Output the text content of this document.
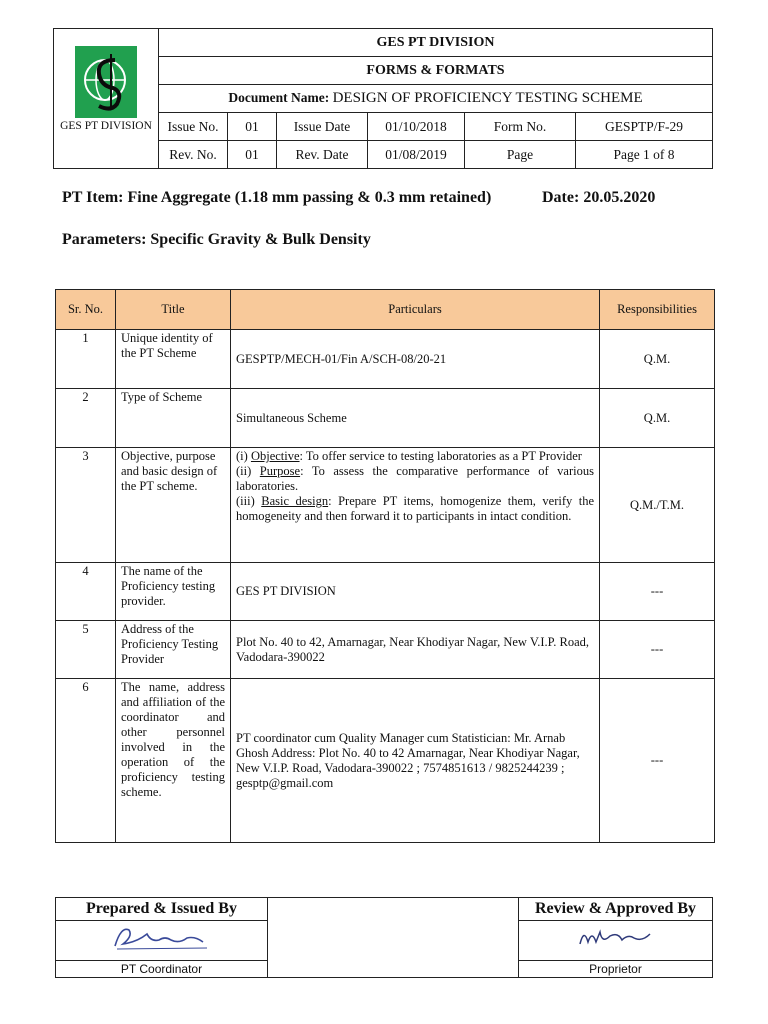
GES PT DIVISION	GES PT DIVISION					
	FORMS & FORMATS					
	Document Name: DESIGN OF PROFICIENCY TESTING SCHEME					
	Issue No.	01	Issue Date	01/10/2018	Form No.	GESPTP/F-29
	Rev. No.	01	Rev. Date	01/08/2019	Page	Page 1 of 8
PT Item: Fine Aggregate (1.18 mm passing & 0.3 mm retained)	Date: 20.05.2020
Parameters: Specific Gravity & Bulk Density
Sr. No.	Title	Particulars	Responsibilities
1	Unique identity of the PT Scheme	GESPTP/MECH-01/Fin A/SCH-08/20-21	Q.M.
2	Type of Scheme	Simultaneous Scheme	Q.M.
3	Objective, purpose and basic design of the PT scheme.	(i) Objective: To offer service to testing laboratories as a PT Provider
(ii) Purpose: To assess the comparative performance of various laboratories.
(iii) Basic design: Prepare PT items, homogenize them, verify the homogeneity and then forward it to participants in intact condition.	Q.M./T.M.
4	The name of the Proficiency testing provider.	GES PT DIVISION	---
5	Address of the Proficiency Testing Provider	Plot No. 40 to 42, Amarnagar, Near Khodiyar Nagar, New V.I.P. Road, Vadodara-390022	---
6	The name, address and affiliation of the coordinator and other personnel involved in the operation of the proficiency testing scheme.	PT coordinator cum Quality Manager cum Statistician: Mr. Arnab Ghosh Address: Plot No. 40 to 42 Amarnagar, Near Khodiyar Nagar, New V.I.P. Road, Vadodara-390022 ; 7574851613 / 9825244239 ; gesptp@gmail.com	---
Prepared & Issued By		Review & Approved By

PT Coordinator		Proprietor
